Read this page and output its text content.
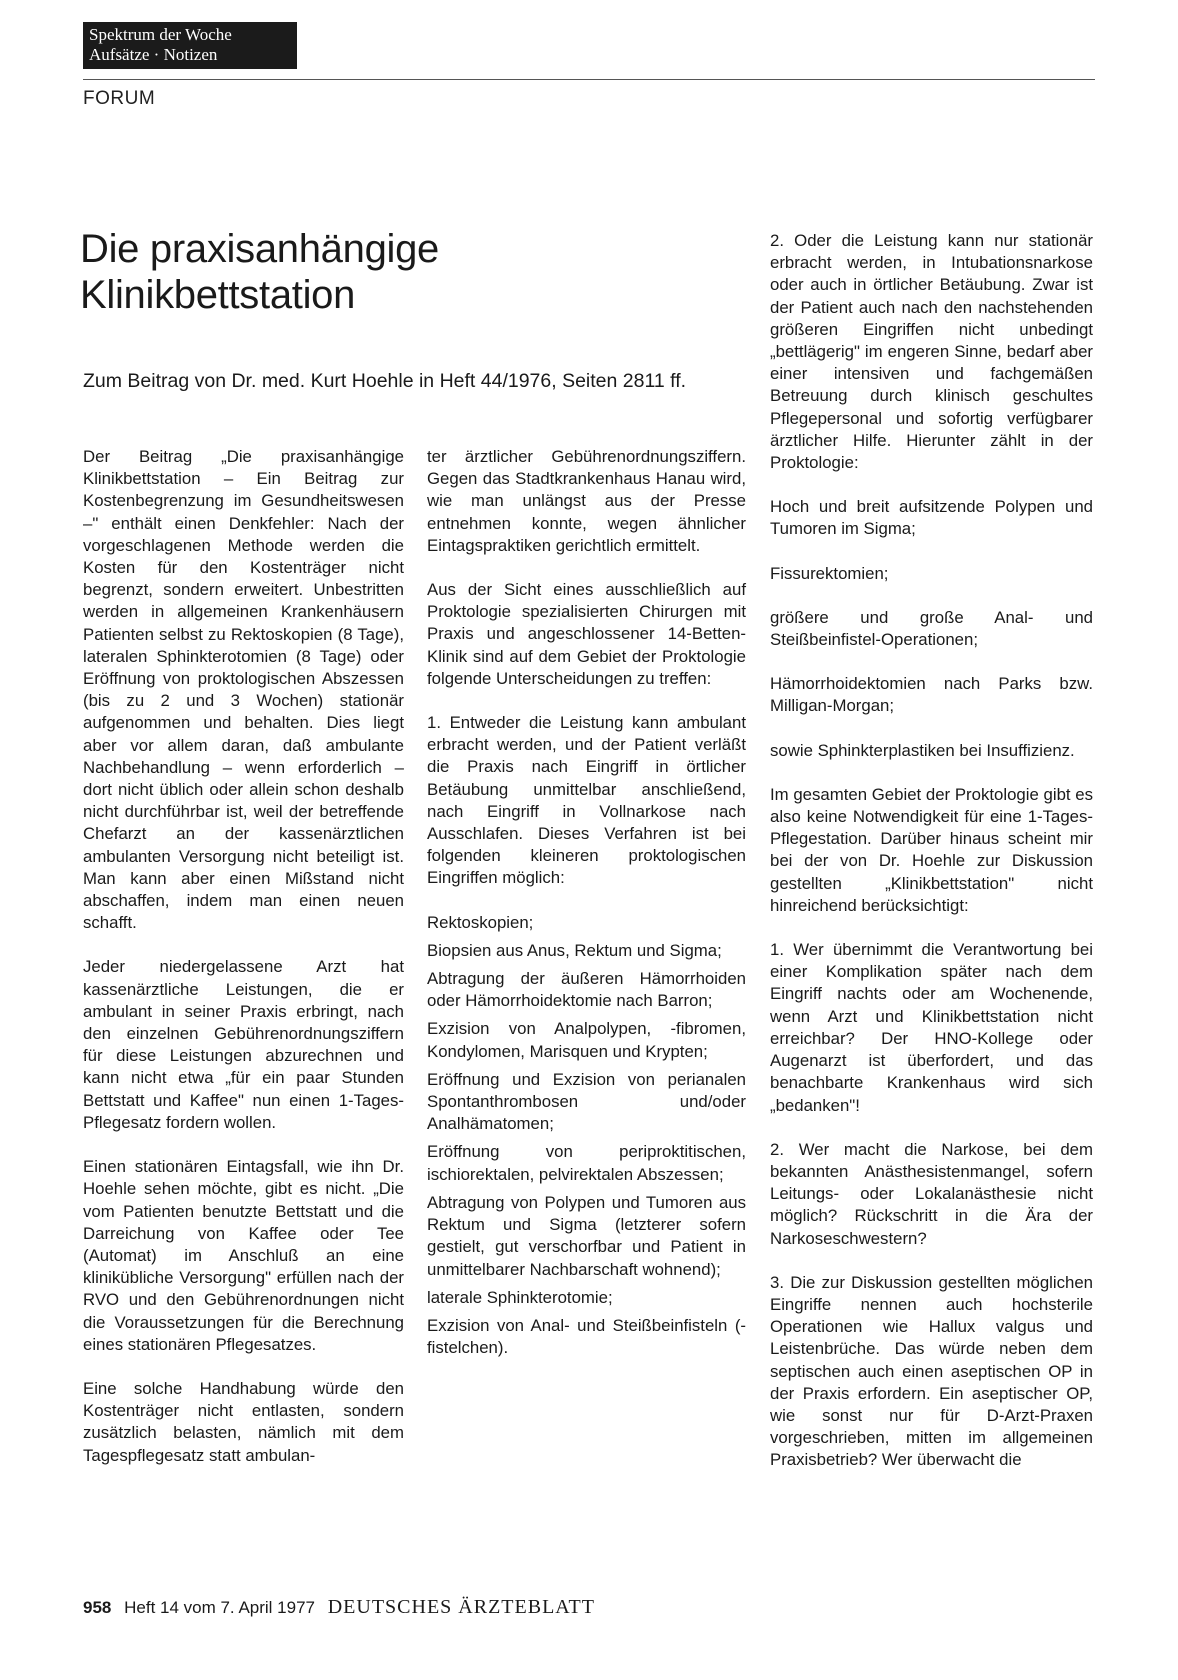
Spektrum der Woche
Aufsätze · Notizen
FORUM
Die praxisanhängige
Klinikbettstation
Zum Beitrag von Dr. med. Kurt Hoehle in Heft 44/1976, Seiten 2811 ff.

Der Beitrag „Die praxisanhängige Klinikbettstation – Ein Beitrag zur Kostenbegrenzung im Gesundheitswesen –" enthält einen Denkfehler: Nach der vorgeschlagenen Methode werden die Kosten für den Kostenträger nicht begrenzt, sondern erweitert. Unbestritten werden in allgemeinen Krankenhäusern Patienten selbst zu Rektoskopien (8 Tage), lateralen Sphinkterotomien (8 Tage) oder Eröffnung von proktologischen Abszessen (bis zu 2 und 3 Wochen) stationär aufgenommen und behalten. Dies liegt aber vor allem daran, daß ambulante Nachbehandlung – wenn erforderlich – dort nicht üblich oder allein schon deshalb nicht durchführbar ist, weil der betreffende Chefarzt an der kassenärztlichen ambulanten Versorgung nicht beteiligt ist. Man kann aber einen Mißstand nicht abschaffen, indem man einen neuen schafft.

Jeder niedergelassene Arzt hat kassenärztliche Leistungen, die er ambulant in seiner Praxis erbringt, nach den einzelnen Gebührenordnungsziffern für diese Leistungen abzurechnen und kann nicht etwa „für ein paar Stunden Bettstatt und Kaffee" nun einen 1-Tages-Pflegesatz fordern wollen.

Einen stationären Eintagsfall, wie ihn Dr. Hoehle sehen möchte, gibt es nicht. „Die vom Patienten benutzte Bettstatt und die Darreichung von Kaffee oder Tee (Automat) im Anschluß an eine klinikübliche Versorgung" erfüllen nach der RVO und den Gebührenordnungen nicht die Voraussetzungen für die Berechnung eines stationären Pflegesatzes.

Eine solche Handhabung würde den Kostenträger nicht entlasten, sondern zusätzlich belasten, nämlich mit dem Tagespflegesatz statt ambulan-

ter ärztlicher Gebührenordnungsziffern. Gegen das Stadtkrankenhaus Hanau wird, wie man unlängst aus der Presse entnehmen konnte, wegen ähnlicher Eintagspraktiken gerichtlich ermittelt.

Aus der Sicht eines ausschließlich auf Proktologie spezialisierten Chirurgen mit Praxis und angeschlossener 14-Betten-Klinik sind auf dem Gebiet der Proktologie folgende Unterscheidungen zu treffen:

1. Entweder die Leistung kann ambulant erbracht werden, und der Patient verläßt die Praxis nach Eingriff in örtlicher Betäubung unmittelbar anschließend, nach Eingriff in Vollnarkose nach Ausschlafen. Dieses Verfahren ist bei folgenden kleineren proktologischen Eingriffen möglich:

Rektoskopien;

Biopsien aus Anus, Rektum und Sigma;

Abtragung der äußeren Hämorrhoiden oder Hämorrhoidektomie nach Barron;

Exzision von Analpolypen, -fibromen, Kondylomen, Marisquen und Krypten;

Eröffnung und Exzision von perianalen Spontanthrombosen und/oder Analhämatomen;

Eröffnung von periproktitischen, ischiorektalen, pelvirektalen Abszessen;

Abtragung von Polypen und Tumoren aus Rektum und Sigma (letzterer sofern gestielt, gut verschorfbar und Patient in unmittelbarer Nachbarschaft wohnend);

laterale Sphinkterotomie;

Exzision von Anal- und Steißbeinfisteln (-fistelchen).

2. Oder die Leistung kann nur stationär erbracht werden, in Intubationsnarkose oder auch in örtlicher Betäubung. Zwar ist der Patient auch nach den nachstehenden größeren Eingriffen nicht unbedingt „bettlägerig" im engeren Sinne, bedarf aber einer intensiven und fachgemäßen Betreuung durch klinisch geschultes Pflegepersonal und sofortig verfügbarer ärztlicher Hilfe. Hierunter zählt in der Proktologie:

Hoch und breit aufsitzende Polypen und Tumoren im Sigma;

Fissurektomien;

größere und große Anal- und Steißbeinfistel-Operationen;

Hämorrhoidektomien nach Parks bzw. Milligan-Morgan;

sowie Sphinkterplastiken bei Insuffizienz.

Im gesamten Gebiet der Proktologie gibt es also keine Notwendigkeit für eine 1-Tages-Pflegestation. Darüber hinaus scheint mir bei der von Dr. Hoehle zur Diskussion gestellten „Klinikbettstation" nicht hinreichend berücksichtigt:

1. Wer übernimmt die Verantwortung bei einer Komplikation später nach dem Eingriff nachts oder am Wochenende, wenn Arzt und Klinikbettstation nicht erreichbar? Der HNO-Kollege oder Augenarzt ist überfordert, und das benachbarte Krankenhaus wird sich „bedanken"!

2. Wer macht die Narkose, bei dem bekannten Anästhesistenmangel, sofern Leitungs- oder Lokalanästhesie nicht möglich? Rückschritt in die Ära der Narkoseschwestern?

3. Die zur Diskussion gestellten möglichen Eingriffe nennen auch hochsterile Operationen wie Hallux valgus und Leistenbrüche. Das würde neben dem septischen auch einen aseptischen OP in der Praxis erfordern. Ein aseptischer OP, wie sonst nur für D-Arzt-Praxen vorgeschrieben, mitten im allgemeinen Praxisbetrieb? Wer überwacht die

958 Heft 14 vom 7. April 1977 DEUTSCHES ÄRZTEBLATT
